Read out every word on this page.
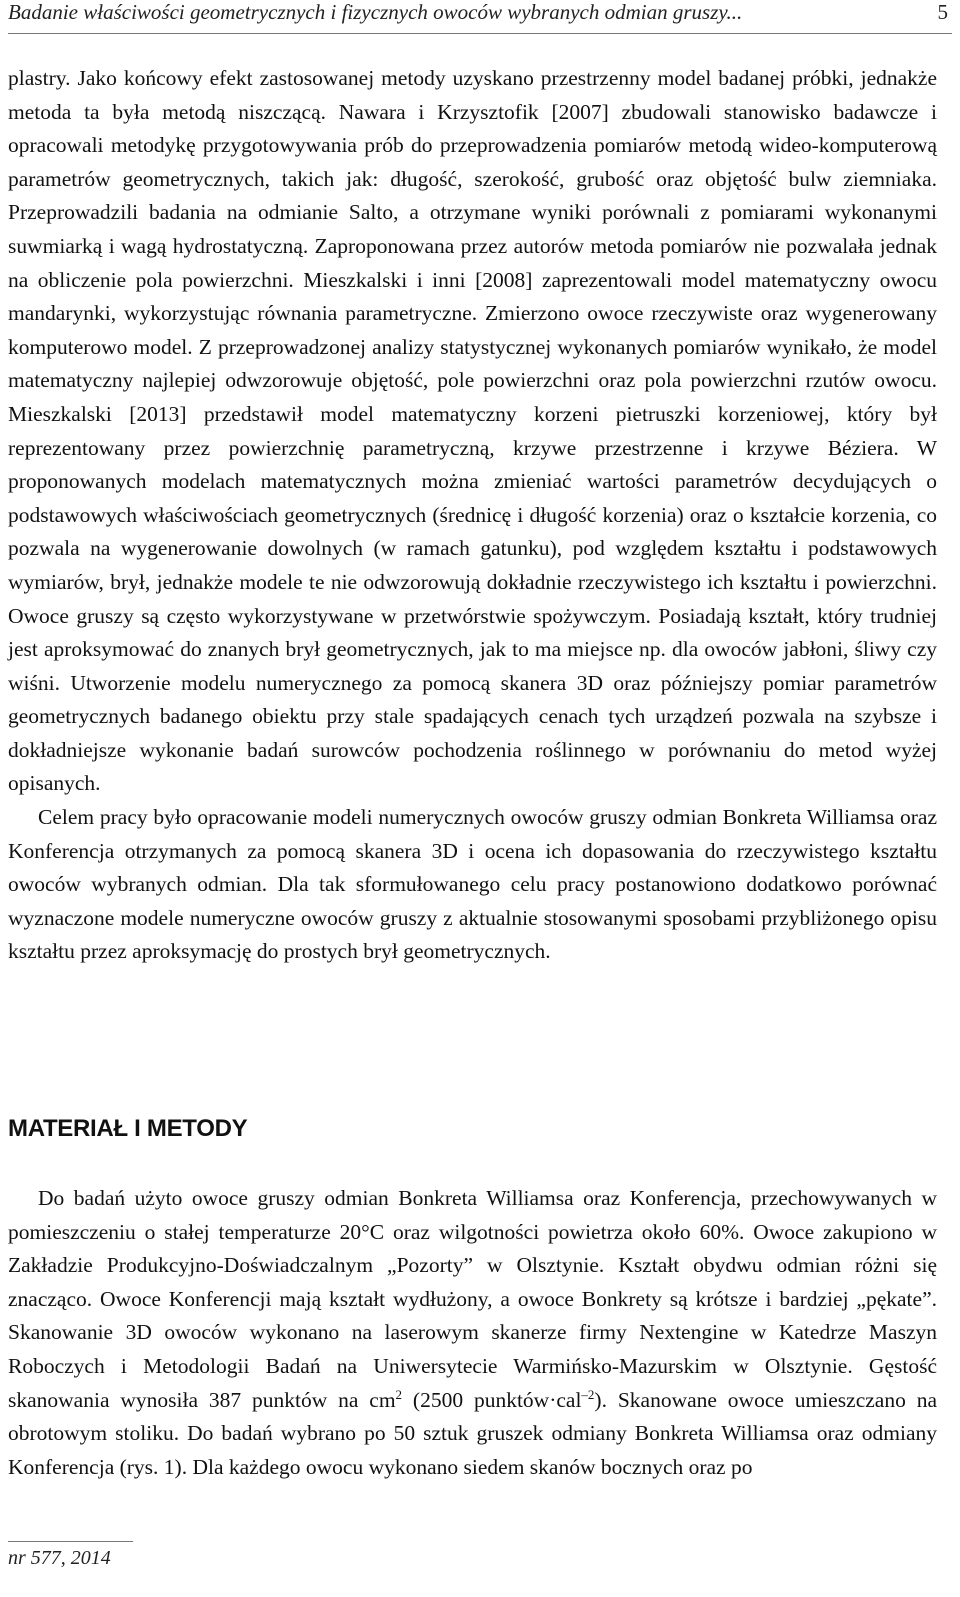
Badanie właściwości geometrycznych i fizycznych owoców wybranych odmian gruszy...	5

plastry. Jako końcowy efekt zastosowanej metody uzyskano przestrzenny model badanej próbki, jednakże metoda ta była metodą niszczącą. Nawara i Krzysztofik [2007] zbudowali stanowisko badawcze i opracowali metodykę przygotowywania prób do przeprowadzenia pomiarów metodą wideo-komputerową parametrów geometrycznych, takich jak: długość, szerokość, grubość oraz objętość bulw ziemniaka. Przeprowadzili badania na odmianie Salto, a otrzymane wyniki porównali z pomiarami wykonanymi suwmiarką i wagą hydrostatyczną. Zaproponowana przez autorów metoda pomiarów nie pozwalała jednak na obliczenie pola powierzchni. Mieszkalski i inni [2008] zaprezentowali model matematyczny owocu mandarynki, wykorzystując równania parametryczne. Zmierzono owoce rzeczywiste oraz wygenerowany komputerowo model. Z przeprowadzonej analizy statystycznej wykonanych pomiarów wynikało, że model matematyczny najlepiej odwzorowuje objętość, pole powierzchni oraz pola powierzchni rzutów owocu. Mieszkalski [2013] przedstawił model matematyczny korzeni pietruszki korzeniowej, który był reprezentowany przez powierzchnię parametryczną, krzywe przestrzenne i krzywe Béziera. W proponowanych modelach matematycznych można zmieniać wartości parametrów decydujących o podstawowych właściwościach geometrycznych (średnicę i długość korzenia) oraz o kształcie korzenia, co pozwala na wygenerowanie dowolnych (w ramach gatunku), pod względem kształtu i podstawowych wymiarów, brył, jednakże modele te nie odwzorowują dokładnie rzeczywistego ich kształtu i powierzchni. Owoce gruszy są często wykorzystywane w przetwórstwie spożywczym. Posiadają kształt, który trudniej jest aproksymować do znanych brył geometrycznych, jak to ma miejsce np. dla owoców jabłoni, śliwy czy wiśni. Utworzenie modelu numerycznego za pomocą skanera 3D oraz późniejszy pomiar parametrów geometrycznych badanego obiektu przy stale spadających cenach tych urządzeń pozwala na szybsze i dokładniejsze wykonanie badań surowców pochodzenia roślinnego w porównaniu do metod wyżej opisanych.

Celem pracy było opracowanie modeli numerycznych owoców gruszy odmian Bonkreta Williamsa oraz Konferencja otrzymanych za pomocą skanera 3D i ocena ich dopasowania do rzeczywistego kształtu owoców wybranych odmian. Dla tak sformułowanego celu pracy postanowiono dodatkowo porównać wyznaczone modele numeryczne owoców gruszy z aktualnie stosowanymi sposobami przybliżonego opisu kształtu przez aproksymację do prostych brył geometrycznych.

MATERIAŁ I METODY

Do badań użyto owoce gruszy odmian Bonkreta Williamsa oraz Konferencja, przechowywanych w pomieszczeniu o stałej temperaturze 20°C oraz wilgotności powietrza około 60%. Owoce zakupiono w Zakładzie Produkcyjno-Doświadczalnym „Pozorty” w Olsztynie. Kształt obydwu odmian różni się znacząco. Owoce Konferencji mają kształt wydłużony, a owoce Bonkrety są krótsze i bardziej „pękate”. Skanowanie 3D owoców wykonano na laserowym skanerze firmy Nextengine w Katedrze Maszyn Roboczych i Metodologii Badań na Uniwersytecie Warmińsko-Mazurskim w Olsztynie. Gęstość skanowania wynosiła 387 punktów na $cm^2$ (2500 punktów·cal$^{-2}$). Skanowane owoce umieszczano na obrotowym stoliku. Do badań wybrano po 50 sztuk gruszek odmiany Bonkreta Williamsa oraz odmiany Konferencja (rys. 1). Dla każdego owocu wykonano siedem skanów bocznych oraz po

nr 577, 2014
